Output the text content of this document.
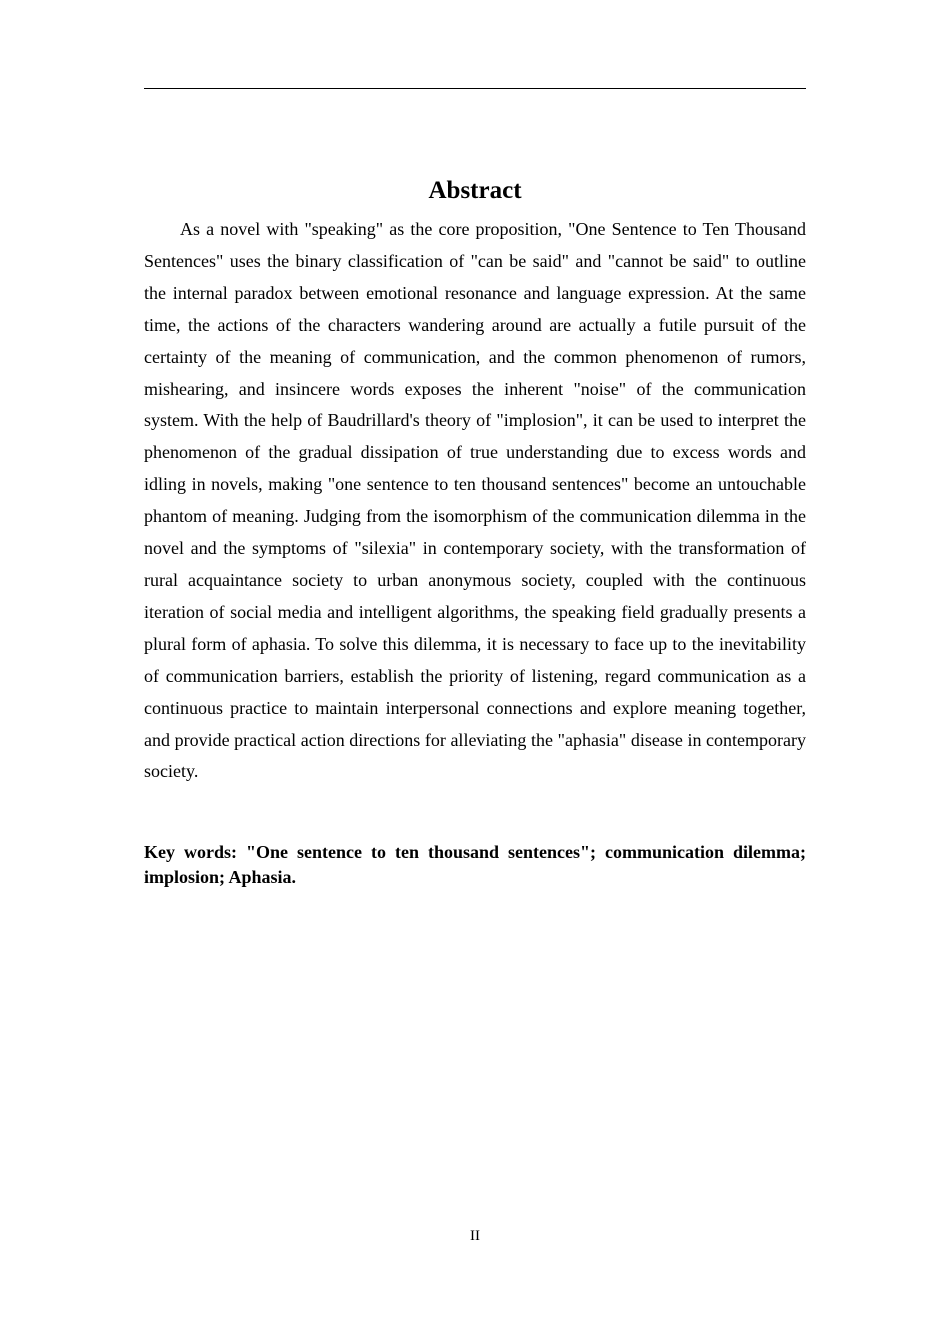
Abstract

As a novel with "speaking" as the core proposition, "One Sentence to Ten Thousand Sentences" uses the binary classification of "can be said" and "cannot be said" to outline the internal paradox between emotional resonance and language expression. At the same time, the actions of the characters wandering around are actually a futile pursuit of the certainty of the meaning of communication, and the common phenomenon of rumors, mishearing, and insincere words exposes the inherent "noise" of the communication system. With the help of Baudrillard's theory of "implosion", it can be used to interpret the phenomenon of the gradual dissipation of true understanding due to excess words and idling in novels, making "one sentence to ten thousand sentences" become an untouchable phantom of meaning. Judging from the isomorphism of the communication dilemma in the novel and the symptoms of "silexia" in contemporary society, with the transformation of rural acquaintance society to urban anonymous society, coupled with the continuous iteration of social media and intelligent algorithms, the speaking field gradually presents a plural form of aphasia. To solve this dilemma, it is necessary to face up to the inevitability of communication barriers, establish the priority of listening, regard communication as a continuous practice to maintain interpersonal connections and explore meaning together, and provide practical action directions for alleviating the "aphasia" disease in contemporary society.

Key words: "One sentence to ten thousand sentences"; communication dilemma; implosion; Aphasia.

II
